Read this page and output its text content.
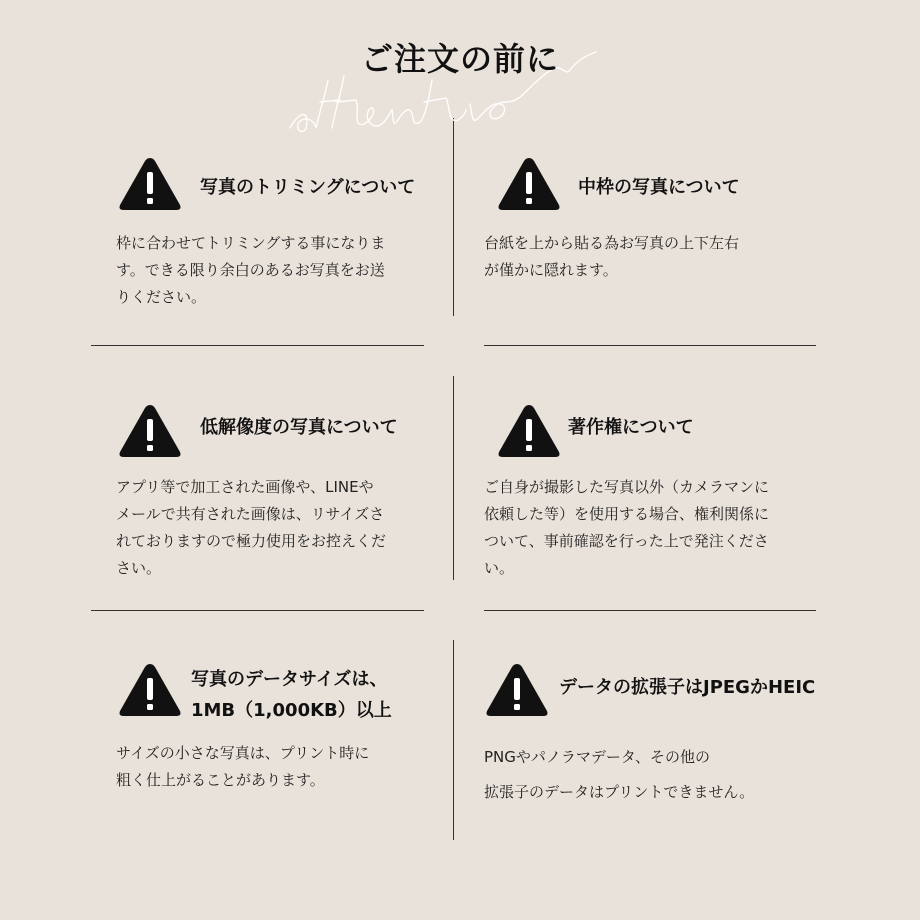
ご注文の前に
写真のトリミングについて
枠に合わせてトリミングする事になりま
す。できる限り余白のあるお写真をお送
りください。
中枠の写真について
台紙を上から貼る為お写真の上下左右
が僅かに隠れます。
低解像度の写真について
アプリ等で加工された画像や、LINEや
メールで共有された画像は、リサイズさ
れておりますので極力使用をお控えくだ
さい。
著作権について
ご自身が撮影した写真以外（カメラマンに
依頼した等）を使用する場合、権利関係に
ついて、事前確認を行った上で発注くださ
い。
写真のデータサイズは、
1MB（1,000KB）以上
サイズの小さな写真は、プリント時に
粗く仕上がることがあります。
データの拡張子はJPEGかHEIC
PNGやパノラマデータ、その他の
拡張子のデータはプリントできません。
